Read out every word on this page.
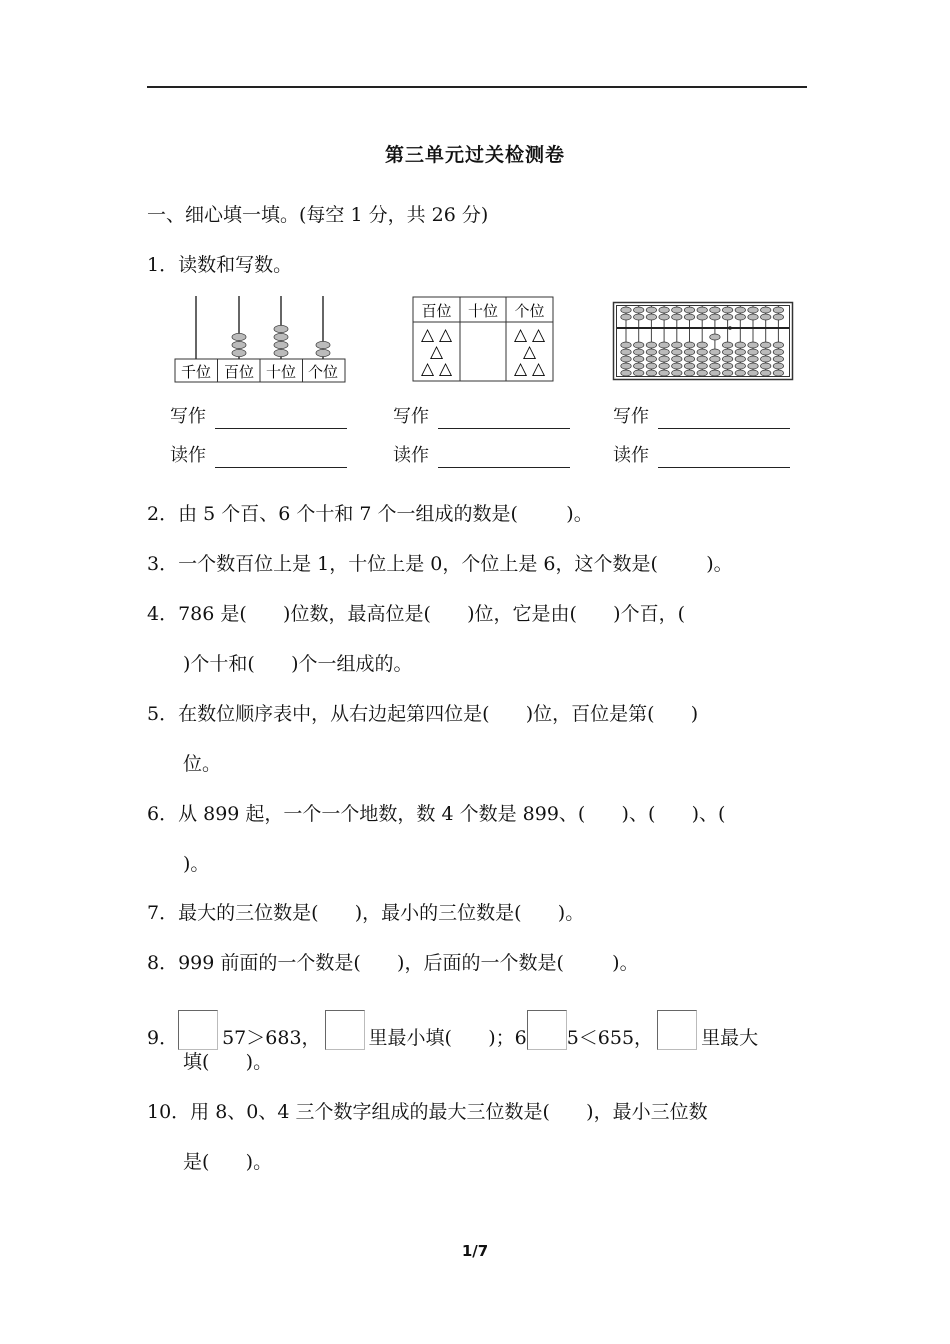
第三单元过关检测卷
一、细心填一填。(每空 1 分，共 26 分)
1．读数和写数。
千位 百位 十位 个位
百位 十位 个位
△ △
△
△ △
△ △
△
△ △
写作
读作
写作
读作
写作
读作
2．由 5 个百、6 个十和 7 个一组成的数是(        )。
3．一个数百位上是 1，十位上是 0，个位上是 6，这个数是(        )。
4．786 是(      )位数，最高位是(      )位，它是由(      )个百，(
)个十和(      )个一组成的。
5．在数位顺序表中，从右边起第四位是(      )位，百位是第(      )
位。
6．从 899 起，一个一个地数，数 4 个数是 899、(      )、(      )、(
)。
7．最大的三位数是(      )，最小的三位数是(      )。
8．999 前面的一个数是(      )，后面的一个数是(        )。
9． 57＞683，	里最小填(      )；6 5＜655，	里最大
填(      )。
10．用 8、0、4 三个数字组成的最大三位数是(      )，最小三位数
是(      )。
1/7
